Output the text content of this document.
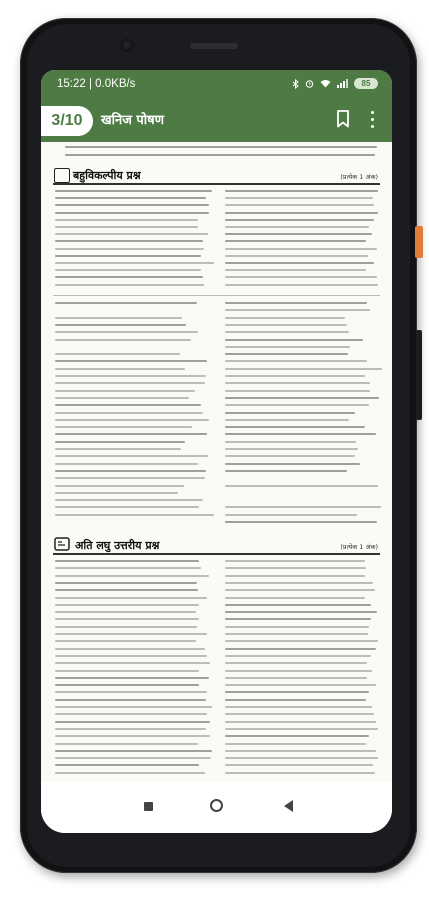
15:22 | 0.0KB/s	85
3/10	खनिज पोषण
बहुविकल्पीय प्रश्न	(प्रत्येक 1 अंक)
अति लघु उत्तरीय प्रश्न	(प्रत्येक 1 अंक)
